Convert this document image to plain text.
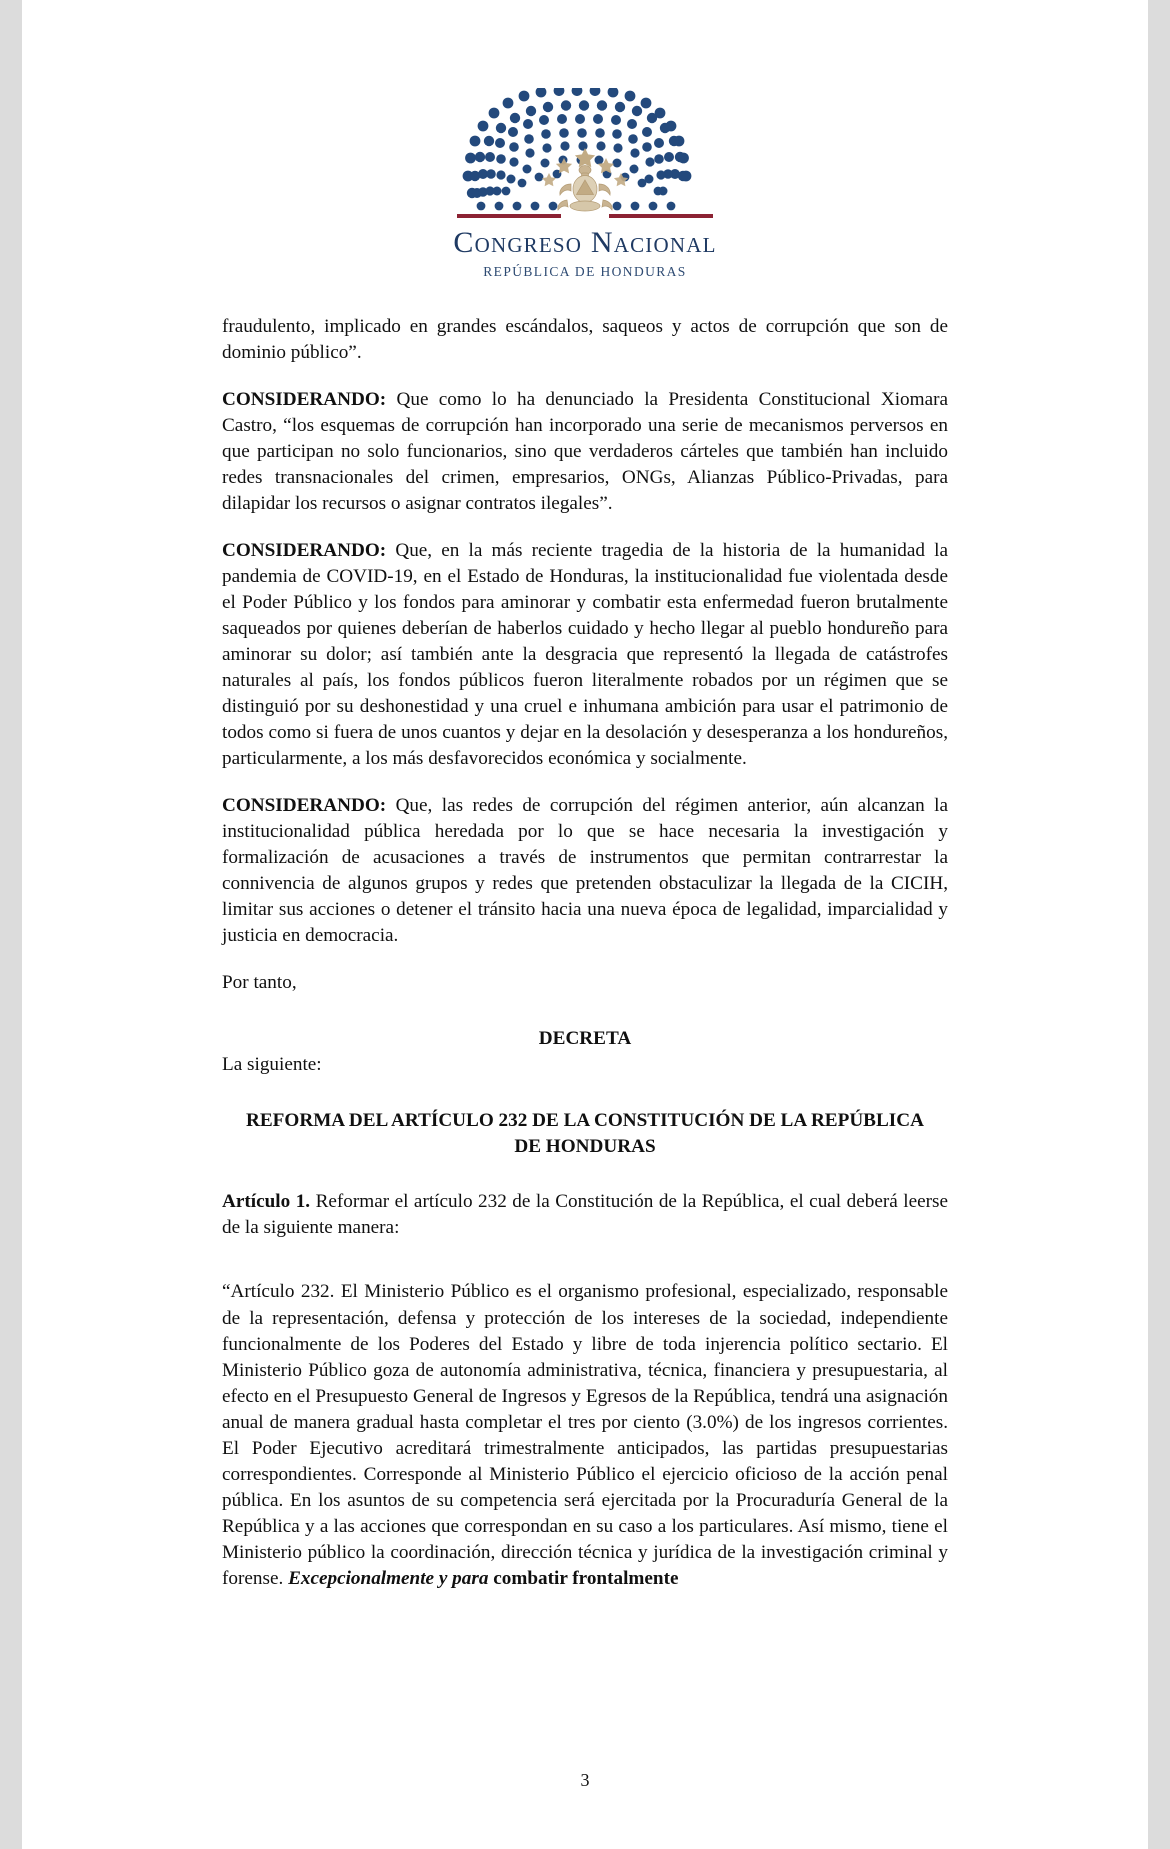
Congreso Nacional
REPÚBLICA DE HONDURAS

fraudulento, implicado en grandes escándalos, saqueos y actos de corrupción que son de dominio público”.

CONSIDERANDO: Que como lo ha denunciado la Presidenta Constitucional Xiomara Castro, “los esquemas de corrupción han incorporado una serie de mecanismos perversos en que participan no solo funcionarios, sino que verdaderos cárteles que también han incluido redes transnacionales del crimen, empresarios, ONGs, Alianzas Público-Privadas, para dilapidar los recursos o asignar contratos ilegales”.

CONSIDERANDO: Que, en la más reciente tragedia de la historia de la humanidad la pandemia de COVID-19, en el Estado de Honduras, la institucionalidad fue violentada desde el Poder Público y los fondos para aminorar y combatir esta enfermedad fueron brutalmente saqueados por quienes deberían de haberlos cuidado y hecho llegar al pueblo hondureño para aminorar su dolor; así también ante la desgracia que representó la llegada de catástrofes naturales al país, los fondos públicos fueron literalmente robados por un régimen que se distinguió por su deshonestidad y una cruel e inhumana ambición para usar el patrimonio de todos como si fuera de unos cuantos y dejar en la desolación y desesperanza a los hondureños, particularmente, a los más desfavorecidos económica y socialmente.

CONSIDERANDO: Que, las redes de corrupción del régimen anterior, aún alcanzan la institucionalidad pública heredada por lo que se hace necesaria la investigación y formalización de acusaciones a través de instrumentos que permitan contrarrestar la connivencia de algunos grupos y redes que pretenden obstaculizar la llegada de la CICIH, limitar sus acciones o detener el tránsito hacia una nueva época de legalidad, imparcialidad y justicia en democracia.

Por tanto,

DECRETA

La siguiente:

REFORMA DEL ARTÍCULO 232 DE LA CONSTITUCIÓN DE LA REPÚBLICA DE HONDURAS

Artículo 1. Reformar el artículo 232 de la Constitución de la República, el cual deberá leerse de la siguiente manera:

“Artículo 232. El Ministerio Público es el organismo profesional, especializado, responsable de la representación, defensa y protección de los intereses de la sociedad, independiente funcionalmente de los Poderes del Estado y libre de toda injerencia político sectario. El Ministerio Público goza de autonomía administrativa, técnica, financiera y presupuestaria, al efecto en el Presupuesto General de Ingresos y Egresos de la República, tendrá una asignación anual de manera gradual hasta completar el tres por ciento (3.0%) de los ingresos corrientes. El Poder Ejecutivo acreditará trimestralmente anticipados, las partidas presupuestarias correspondientes. Corresponde al Ministerio Público el ejercicio oficioso de la acción penal pública. En los asuntos de su competencia será ejercitada por la Procuraduría General de la República y a las acciones que correspondan en su caso a los particulares. Así mismo, tiene el Ministerio público la coordinación, dirección técnica y jurídica de la investigación criminal y forense. Excepcionalmente y para combatir frontalmente

3
